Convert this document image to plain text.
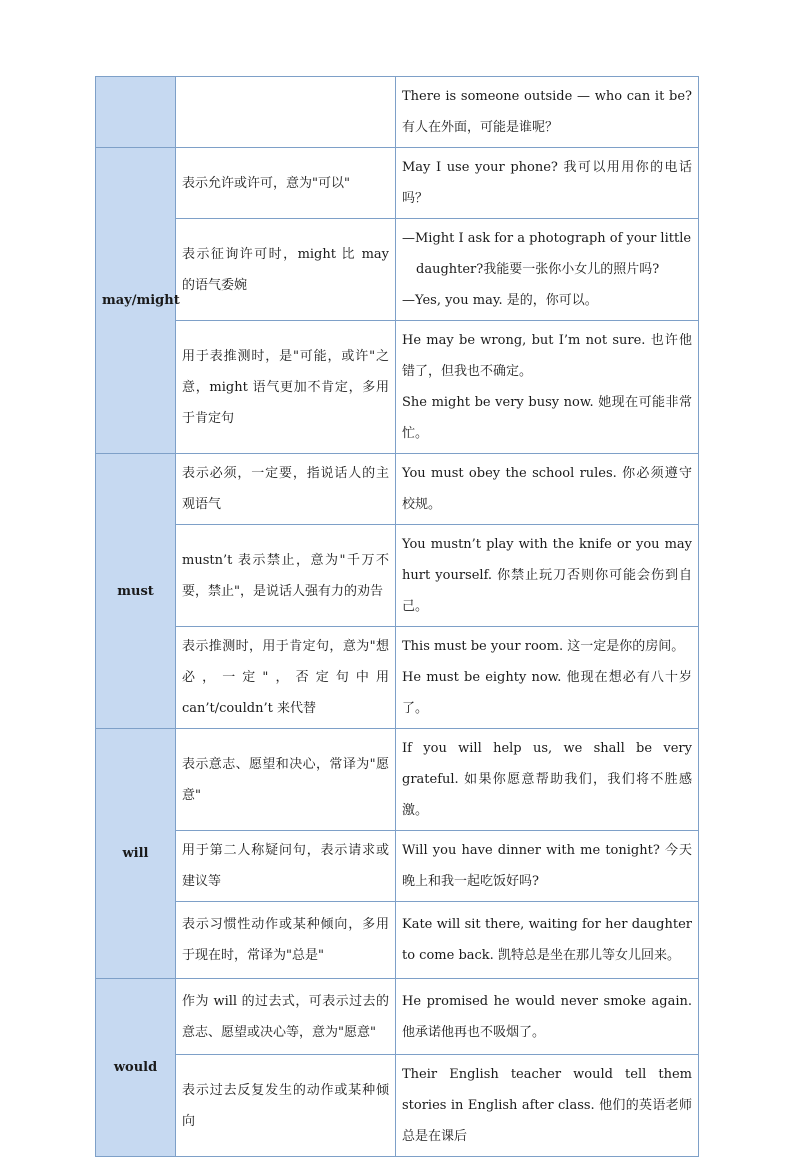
		There is someone outside — who can it be? 有人在外面，可能是谁呢？
may/might	表示允许或许可，意为"可以"	May I use your phone? 我可以用用你的电话吗？
	表示征询许可时，might 比 may 的语气委婉	—Might I ask for a photograph of your little
daughter?我能要一张你小女儿的照片吗?
—Yes, you may. 是的，你可以。

	用于表推测时，是"可能，或许"之意，might 语气更加不肯定，多用于肯定句	He may be wrong, but I’m not sure. 也许他错了，但我也不确定。
She might be very busy now. 她现在可能非常忙。

must	表示必须，一定要，指说话人的主观语气	You must obey the school rules. 你必须遵守校规。
	mustn’t 表示禁止，意为"千万不要，禁止"，是说话人强有力的劝告	You mustn’t play with the knife or you may hurt yourself. 你禁止玩刀否则你可能会伤到自己。
	表示推测时，用于肯定句，意为"想必，一定"，否定句中用 can’t/couldn’t 来代替	This must be your room. 这一定是你的房间。
He must be eighty now. 他现在想必有八十岁了。

will	表示意志、愿望和决心，常译为"愿意"	If you will help us, we shall be very grateful. 如果你愿意帮助我们，我们将不胜感激。
	用于第二人称疑问句，表示请求或建议等	Will you have dinner with me tonight? 今天晚上和我一起吃饭好吗?
	表示习惯性动作或某种倾向，多用于现在时，常译为"总是"	Kate will sit there, waiting for her daughter to come back. 凯特总是坐在那儿等女儿回来。
would	作为 will 的过去式，可表示过去的意志、愿望或决心等，意为"愿意"	He promised he would never smoke again. 他承诺他再也不吸烟了。
	表示过去反复发生的动作或某种倾向	Their English teacher would tell them stories in English after class. 他们的英语老师总是在课后
